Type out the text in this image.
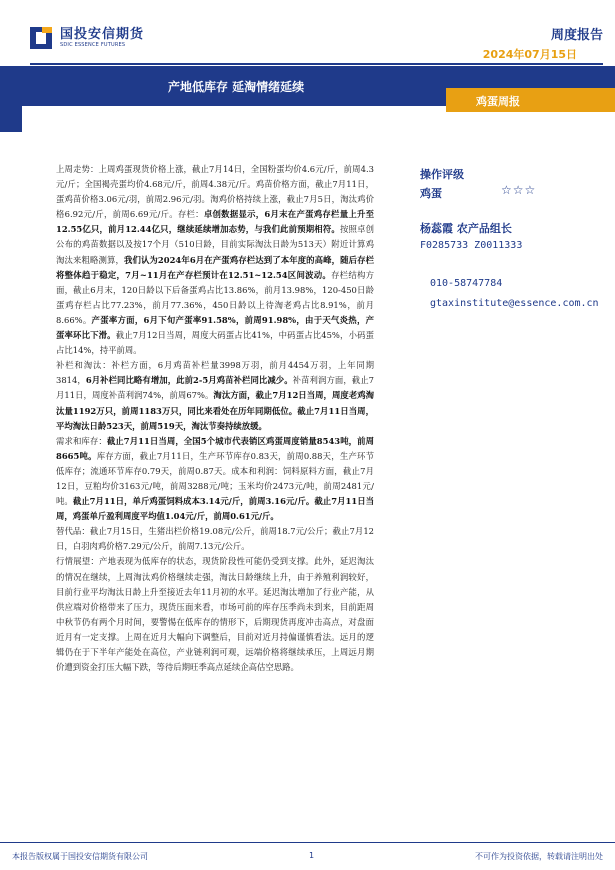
国投安信期货
SDIC ESSENCE FUTURES
周度报告
2024年07月15日
产地低库存 延淘情绪延续
鸡蛋周报

上周走势：上周鸡蛋现货价格上涨，截止7月14日，全国粉蛋均价4.6元/斤，前周4.3元/斤；全国褐壳蛋均价4.68元/斤，前周4.38元/斤。鸡苗价格方面，截止7月11日，蛋鸡苗价格3.06元/羽，前周2.96元/羽。淘鸡价格持续上涨，截止7月5日，淘汰鸡价格6.92元/斤，前周6.69元/斤。存栏：卓创数据显示，6月末在产蛋鸡存栏量上升至12.55亿只，前月12.44亿只，继续延续增加态势，与我们此前预期相符。按照卓创公布的鸡苗数据以及按17个月（510日龄，目前实际淘汰日龄为513天）附近计算鸡淘汰来粗略测算，我们认为2024年6月在产蛋鸡存栏达到了本年度的高峰，随后存栏将整体趋于稳定，7月~11月在产存栏预计在12.51~12.54区间波动。存栏结构方面，截止6月末，120日龄以下后备蛋鸡占比13.86%，前月13.98%，120-450日龄蛋鸡存栏占比77.23%，前月77.36%，450日龄以上待淘老鸡占比8.91%，前月8.66%。产蛋率方面，6月下旬产蛋率91.58%，前周91.98%，由于天气炎热，产蛋率环比下滑。截止7月12日当周，周度大码蛋占比41%，中码蛋占比45%，小码蛋占比14%，持平前周。

补栏和淘汰：补栏方面，6月鸡苗补栏量3998万羽，前月4454万羽，上年同期3814，6月补栏同比略有增加，此前2-5月鸡苗补栏同比减少。补苗利润方面，截止7月11日，周度补苗利润74%，前周67%。淘汰方面，截止7月12日当周，周度老鸡淘汰量1192万只，前周1183万只，同比来看处在历年同期低位。截止7月11日当周，平均淘汰日龄523天，前周519天，淘汰节奏持续放缓。

需求和库存：截止7月11日当周，全国5个城市代表销区鸡蛋周度销量8543吨，前周8665吨。库存方面，截止7月11日，生产环节库存0.83天，前周0.88天，生产环节低库存；流通环节库存0.79天，前周0.87天。成本和利润：饲料原料方面，截止7月12日，豆粕均价3163元/吨，前周3288元/吨；玉米均价2473元/吨，前周2481元/吨。截止7月11日，单斤鸡蛋饲料成本3.14元/斤，前周3.16元/斤。截止7月11日当周，鸡蛋单斤盈利周度平均值1.04元/斤，前周0.61元/斤。

替代品：截止7月15日，生猪出栏价格19.08元/公斤，前周18.7元/公斤；截止7月12日，白羽肉鸡价格7.29元/公斤，前周7.13元/公斤。

行情展望：产地表现为低库存的状态，现货阶段性可能仍受到支撑。此外，延迟淘汰的情况在继续，上周淘汰鸡价格继续走强，淘汰日龄继续上升，由于养殖利润较好，目前行业平均淘汰日龄上升至接近去年11月初的水平。延迟淘汰增加了行业产能，从供应端对价格带来了压力，现货压面来看，市场可前的库存压季尚未到来，目前距周中秋节仍有两个月时间，要警惕在低库存的情形下，后期现货再度冲击高点，对盘面近月有一定支撑。上周在近月大幅向下调整后，目前对近月持偏谨慎看法。远月的逻辑仍在于下半年产能处在高位，产业链利润可观，远端价格将继续承压，上周远月期价遭到资金打压大幅下跌，等待后期旺季高点延续企高估空思路。

操作评级
鸡蛋	☆☆☆
杨蕊霞 农产品组长
F0285733 Z0011333
010-58747784
gtaxinstitute@essence.com.cn
本报告版权属于国投安信期货有限公司	1	不可作为投资依据，转载请注明出处
